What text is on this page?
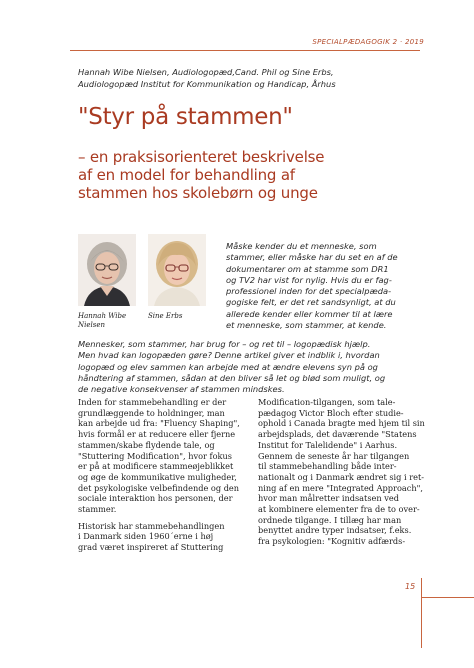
SPECIALPÆDAGOGIK 2 · 2019
Hannah Wibe Nielsen, Audiologopæd,Cand. Phil og Sine Erbs,
Audiologopæd Institut for Kommunikation og Handicap, Århus
"Styr på stammen"
– en praksisorienteret beskrivelse
af en model for behandling af
stammen hos skolebørn og unge
Hannah Wibe
Nielsen
Sine Erbs
Måske kender du et menneske, som
stammer, eller måske har du set en af de
dokumentarer om at stamme som DR1
og TV2 har vist for nylig. Hvis du er fag-
professionel inden for det specialpæda-
gogiske felt, er det ret sandsynligt, at du
allerede kender eller kommer til at lære
et menneske, som stammer, at kende.
Mennesker, som stammer, har brug for – og ret til – logopædisk hjælp.
Men hvad kan logopæden gøre? Denne artikel giver et indblik i, hvordan
logopæd og elev sammen kan arbejde med at ændre elevens syn på og
håndtering af stammen, sådan at den bliver så let og blød som muligt, og
de negative konsekvenser af stammen mindskes.
Inden for stammebehandling er der
grundlæggende to holdninger, man
kan arbejde ud fra: "Fluency Shaping",
hvis formål er at reducere eller fjerne
stammen/skabe flydende tale, og
"Stuttering Modification", hvor fokus
er på at modificere stammeøjeblikket
og øge de kommunikative muligheder,
det psykologiske velbefindende og den
sociale interaktion hos personen, der
stammer.
Historisk har stammebehandlingen
i Danmark siden 1960´erne i høj
grad været inspireret af Stuttering
Modification-tilgangen, som tale-
pædagog Victor Bloch efter studie-
ophold i Canada bragte med hjem til sin
arbejdsplads, det daværende "Statens
Institut for Talelidende" i Aarhus.
Gennem de seneste år har tilgangen
til stammebehandling både inter-
nationalt og i Danmark ændret sig i ret-
ning af en mere "Integrated Approach",
hvor man målretter indsatsen ved
at kombinere elementer fra de to over-
ordnede tilgange. I tillæg har man
benyttet andre typer indsatser, f.eks.
fra psykologien: "Kognitiv adfærds-
15
